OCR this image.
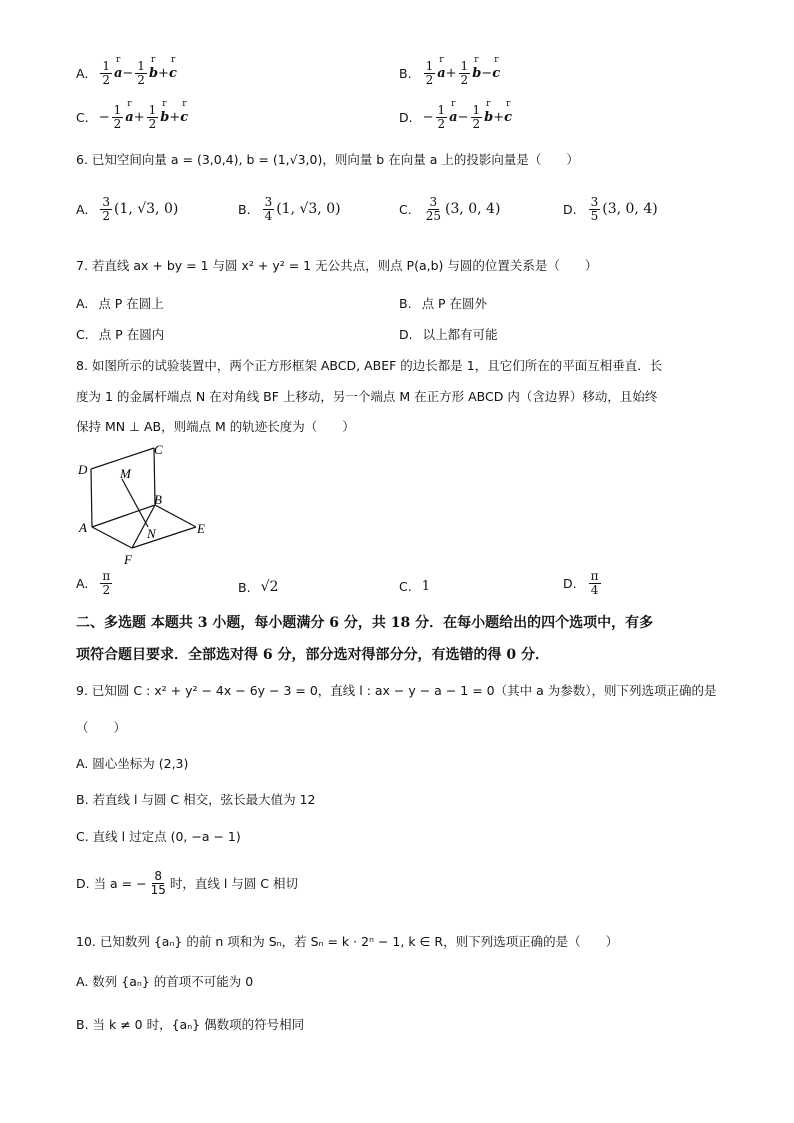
A. $\frac{1}{2}$ r $a - \frac{1}{2}$ r b + r c	B. $\frac{1}{2}$ r $a + \frac{1}{2}$ r b − r c
C. − $\frac{1}{2}$ r $a + \frac{1}{2}$ r b + r c	D. − $\frac{1}{2}$ r $a - \frac{1}{2}$ r b + r c
6. 已知空间向量 a = (3,0,4), b = (1,√3,0)，则向量 b 在向量 a 上的投影向量是（　　）
A. $\frac{3}{2} (1$, √3, 0)	B. $\frac{3}{4} (1$, √3, 0)	C. $\frac{3}{25} (3$, 0, 4)	D. $\frac{3}{5} (3$, 0, 4)
7. 若直线 ax + by = 1 与圆 x² + y² = 1 无公共点，则点 P(a,b) 与圆的位置关系是（　　）
A. 点 P 在圆上	B. 点 P 在圆外
C. 点 P 在圆内	D. 以上都有可能
8. 如图所示的试验装置中，两个正方形框架 ABCD, ABEF 的边长都是 1，且它们所在的平面互相垂直．长
度为 1 的金属杆端点 N 在对角线 BF 上移动，另一个端点 M 在正方形 ABCD 内（含边界）移动，且始终
保持 MN ⊥ AB，则端点 M 的轨迹长度为（　　）
D
C
M
B
A	N	E
F
A. $\frac{\pi}{2}$	B. √2	C. 1	D. $\frac{\pi}{4}$
二、多选题 本题共 3 小题，每小题满分 6 分，共 18 分．在每小题给出的四个选项中，有多
项符合题目要求．全部选对得 6 分，部分选对得部分分，有选错的得 0 分．
9. 已知圆 C : x² + y² − 4x − 6y − 3 = 0，直线 l : ax − y − a − 1 = 0（其中 a 为参数），则下列选项正确的是
（　　）
A. 圆心坐标为 (2,3)
B. 若直线 l 与圆 C 相交，弦长最大值为 12
C. 直线 l 过定点 (0, −a − 1)
D. 当 a = − $\frac{8}{15}$ 时，直线 l 与圆 C 相切
10. 已知数列 {aₙ} 的前 n 项和为 Sₙ，若 Sₙ = k · 2ⁿ − 1, k ∈ R，则下列选项正确的是（　　）
A. 数列 {aₙ} 的首项不可能为 0
B. 当 k ≠ 0 时，{aₙ} 偶数项的符号相同
